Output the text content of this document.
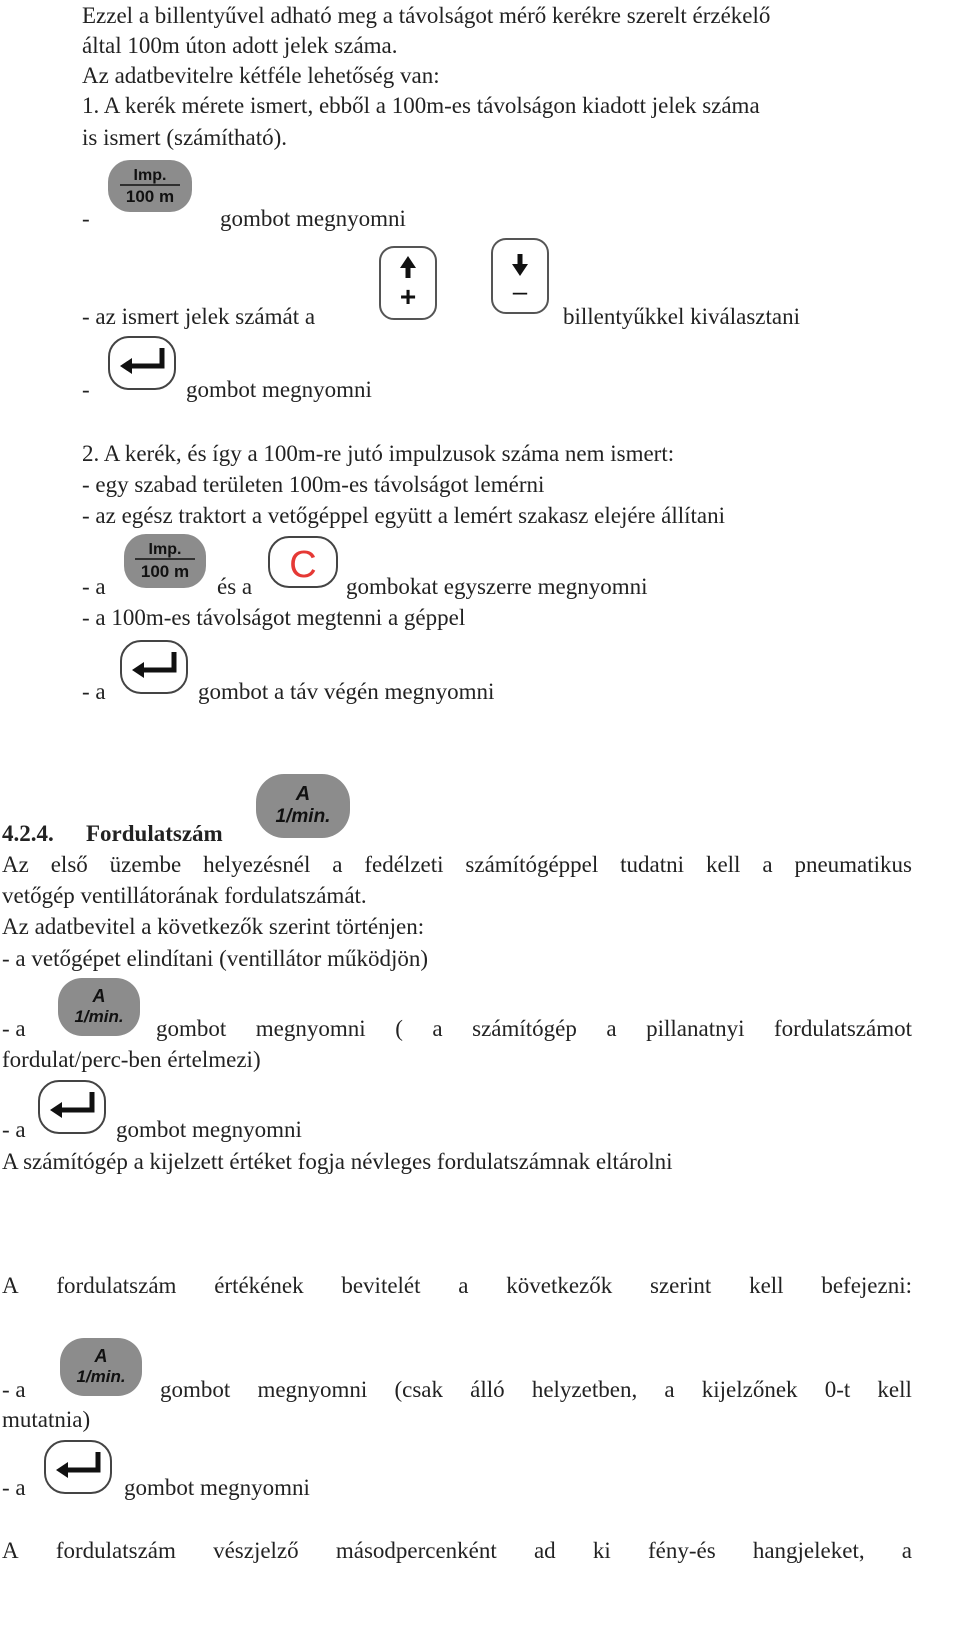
Ezzel a billentyűvel adható meg a távolságot mérő kerékre szerelt érzékelő
által 100m úton adott jelek száma.
Az adatbevitelre kétféle lehetőség van:
1. A kerék mérete ismert, ebből a 100m-es távolságon kiadott jelek száma
is ismert (számítható).
-
Imp.
100 m
gombot megnyomni
- az ismert jelek számát a
+	–
billentyűkkel kiválasztani
-	gombot megnyomni
2. A kerék, és így a 100m-re jutó impulzusok száma nem ismert:
- egy szabad területen 100m-es távolságot lemérni
- az egész traktort a vetőgéppel együtt a lemért szakasz elejére állítani
- a
Imp.
100 m
és a
C
gombokat egyszerre megnyomni
- a 100m-es távolságot megtenni a géppel
- a	gombot a táv végén megnyomni
4.2.4. Fordulatszám
A
1/min.
Az első üzembe helyezésnél a fedélzeti számítógéppel tudatni kell a pneumatikus
vetőgép ventillátorának fordulatszámát.
Az adatbevitel a következők szerint történjen:
- a vetőgépet elindítani (ventillátor működjön)
- a
A
1/min. gombot megnyomni ( a számítógép a pillanatnyi fordulatszámot
fordulat/perc-ben értelmezi)
- a	gombot megnyomni
A számítógép a kijelzett értéket fogja névleges fordulatszámnak eltárolni
A fordulatszám értékének bevitelét a következők szerint kell befejezni:
- a
A
1/min.
gombot megnyomni (csak álló helyzetben, a kijelzőnek 0-t kell
mutatnia)
- a	gombot megnyomni
A fordulatszám vészjelző másodpercenként ad ki fény-és hangjeleket, a
